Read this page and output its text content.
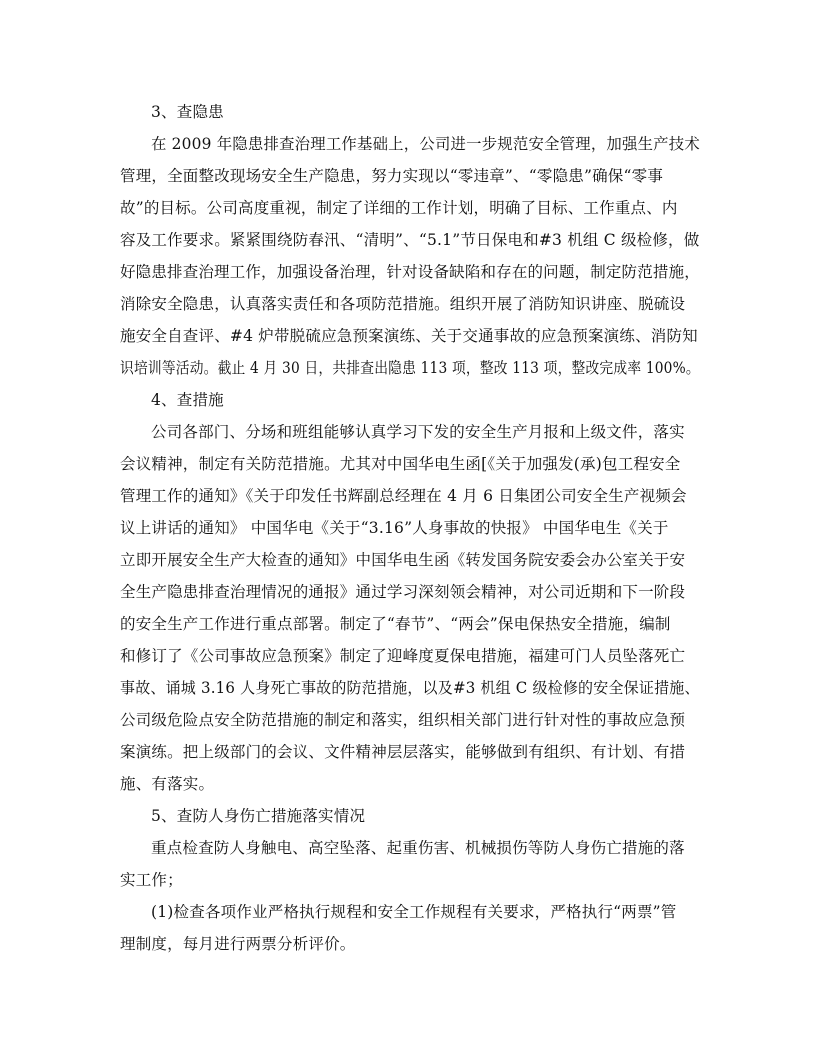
3、查隐患
在 2009 年隐患排查治理工作基础上，公司进一步规范安全管理，加强生产技术
管理，全面整改现场安全生产隐患，努力实现以“零违章”、“零隐患”确保“零事
故”的目标。公司高度重视，制定了详细的工作计划，明确了目标、工作重点、内
容及工作要求。紧紧围绕防春汛、“清明”、“5.1”节日保电和#3 机组 C 级检修，做
好隐患排查治理工作，加强设备治理，针对设备缺陷和存在的问题，制定防范措施，
消除安全隐患，认真落实责任和各项防范措施。组织开展了消防知识讲座、脱硫设
施安全自查评、#4 炉带脱硫应急预案演练、关于交通事故的应急预案演练、消防知
识培训等活动。截止 4 月 30 日，共排查出隐患 113 项，整改 113 项，整改完成率 100%。
4、查措施
公司各部门、分场和班组能够认真学习下发的安全生产月报和上级文件，落实
会议精神，制定有关防范措施。尤其对中国华电生函[《关于加强发(承)包工程安全
管理工作的通知》《关于印发任书辉副总经理在 4 月 6 日集团公司安全生产视频会
议上讲话的通知》 中国华电《关于“3.16”人身事故的快报》 中国华电生《关于
立即开展安全生产大检查的通知》中国华电生函《转发国务院安委会办公室关于安
全生产隐患排查治理情况的通报》通过学习深刻领会精神，对公司近期和下一阶段
的安全生产工作进行重点部署。制定了“春节”、“两会”保电保热安全措施，编制
和修订了《公司事故应急预案》制定了迎峰度夏保电措施，福建可门人员坠落死亡
事故、诵城 3.16 人身死亡事故的防范措施，以及#3 机组 C 级检修的安全保证措施、
公司级危险点安全防范措施的制定和落实，组织相关部门进行针对性的事故应急预
案演练。把上级部门的会议、文件精神层层落实，能够做到有组织、有计划、有措
施、有落实。
5、查防人身伤亡措施落实情况
重点检查防人身触电、高空坠落、起重伤害、机械损伤等防人身伤亡措施的落
实工作；
(1)检查各项作业严格执行规程和安全工作规程有关要求，严格执行“两票”管
理制度，每月进行两票分析评价。
